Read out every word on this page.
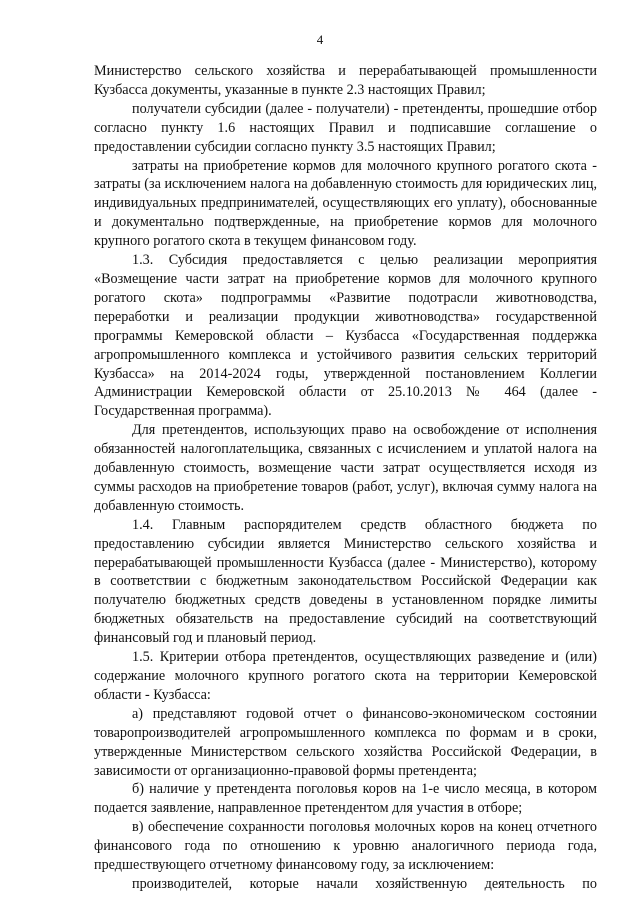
4

Министерство сельского хозяйства и перерабатывающей промышленности Кузбасса документы, указанные в пункте 2.3 настоящих Правил;

получатели субсидии (далее - получатели) - претенденты, прошедшие отбор согласно пункту 1.6 настоящих Правил и подписавшие соглашение о предоставлении субсидии согласно пункту 3.5 настоящих Правил;

затраты на приобретение кормов для молочного крупного рогатого скота - затраты (за исключением налога на добавленную стоимость для юридических лиц, индивидуальных предпринимателей, осуществляющих его уплату), обоснованные и документально подтвержденные, на приобретение кормов для молочного крупного рогатого скота в текущем финансовом году.

1.3. Субсидия предоставляется с целью реализации мероприятия «Возмещение части затрат на приобретение кормов для молочного крупного рогатого скота» подпрограммы «Развитие подотрасли животноводства, переработки и реализации продукции животноводства» государственной программы Кемеровской области – Кузбасса «Государственная поддержка агропромышленного комплекса и устойчивого развития сельских территорий Кузбасса» на 2014-2024 годы, утвержденной постановлением Коллегии Администрации Кемеровской области от 25.10.2013 № 464 (далее - Государственная программа).

Для претендентов, использующих право на освобождение от исполнения обязанностей налогоплательщика, связанных с исчислением и уплатой налога на добавленную стоимость, возмещение части затрат осуществляется исходя из суммы расходов на приобретение товаров (работ, услуг), включая сумму налога на добавленную стоимость.

1.4. Главным распорядителем средств областного бюджета по предоставлению субсидии является Министерство сельского хозяйства и перерабатывающей промышленности Кузбасса (далее - Министерство), которому в соответствии с бюджетным законодательством Российской Федерации как получателю бюджетных средств доведены в установленном порядке лимиты бюджетных обязательств на предоставление субсидий на соответствующий финансовый год и плановый период.

1.5. Критерии отбора претендентов, осуществляющих разведение и (или) содержание молочного крупного рогатого скота на территории Кемеровской области - Кузбасса:

а) представляют годовой отчет о финансово-экономическом состоянии товаропроизводителей агропромышленного комплекса по формам и в сроки, утвержденные Министерством сельского хозяйства Российской Федерации, в зависимости от организационно-правовой формы претендента;

б) наличие у претендента поголовья коров на 1-е число месяца, в котором подается заявление, направленное претендентом для участия в отборе;

в) обеспечение сохранности поголовья молочных коров на конец отчетного финансового года по отношению к уровню аналогичного периода года, предшествующего отчетному финансовому году, за исключением:

производителей, которые начали хозяйственную деятельность по
